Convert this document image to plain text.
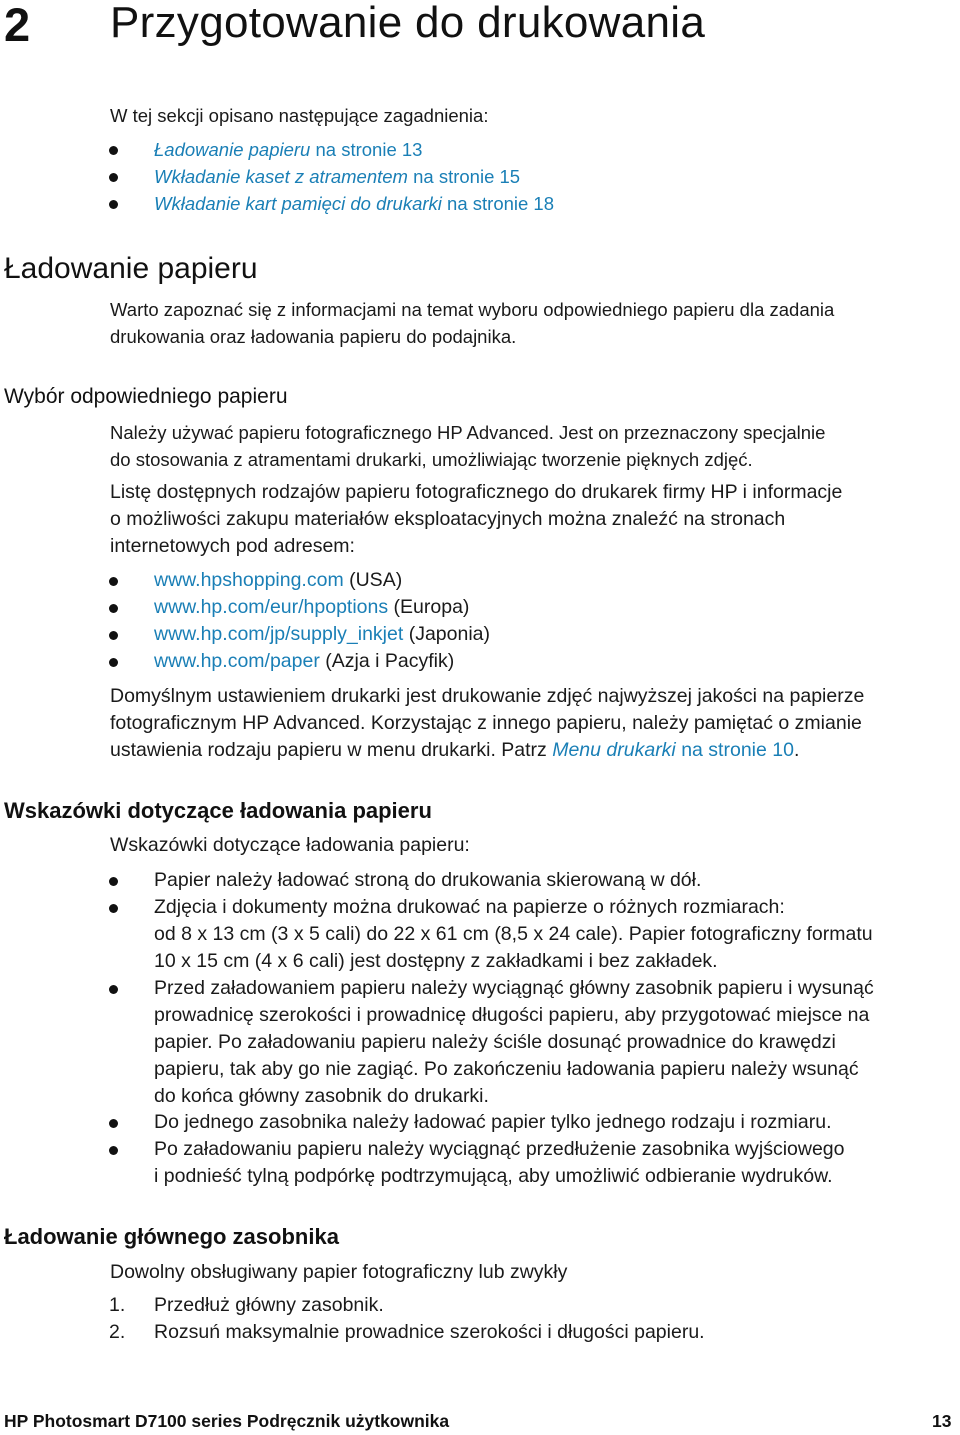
2 Przygotowanie do drukowania
W tej sekcji opisano następujące zagadnienia:
Ładowanie papieru na stronie 13
Wkładanie kaset z atramentem na stronie 15
Wkładanie kart pamięci do drukarki na stronie 18
Ładowanie papieru
Warto zapoznać się z informacjami na temat wyboru odpowiedniego papieru dla zadania
drukowania oraz ładowania papieru do podajnika.
Wybór odpowiedniego papieru
Należy używać papieru fotograficznego HP Advanced. Jest on przeznaczony specjalnie
do stosowania z atramentami drukarki, umożliwiając tworzenie pięknych zdjęć.
Listę dostępnych rodzajów papieru fotograficznego do drukarek firmy HP i informacje
o możliwości zakupu materiałów eksploatacyjnych można znaleźć na stronach
internetowych pod adresem:
www.hpshopping.com (USA)
www.hp.com/eur/hpoptions (Europa)
www.hp.com/jp/supply_inkjet (Japonia)
www.hp.com/paper (Azja i Pacyfik)
Domyślnym ustawieniem drukarki jest drukowanie zdjęć najwyższej jakości na papierze
fotograficznym HP Advanced. Korzystając z innego papieru, należy pamiętać o zmianie
ustawienia rodzaju papieru w menu drukarki. Patrz Menu drukarki na stronie 10.
Wskazówki dotyczące ładowania papieru
Wskazówki dotyczące ładowania papieru:
Papier należy ładować stroną do drukowania skierowaną w dół.
Zdjęcia i dokumenty można drukować na papierze o różnych rozmiarach:
od 8 x 13 cm (3 x 5 cali) do 22 x 61 cm (8,5 x 24 cale). Papier fotograficzny formatu
10 x 15 cm (4 x 6 cali) jest dostępny z zakładkami i bez zakładek.
Przed załadowaniem papieru należy wyciągnąć główny zasobnik papieru i wysunąć
prowadnicę szerokości i prowadnicę długości papieru, aby przygotować miejsce na
papier. Po załadowaniu papieru należy ściśle dosunąć prowadnice do krawędzi
papieru, tak aby go nie zagiąć. Po zakończeniu ładowania papieru należy wsunąć
do końca główny zasobnik do drukarki.
Do jednego zasobnika należy ładować papier tylko jednego rodzaju i rozmiaru.
Po załadowaniu papieru należy wyciągnąć przedłużenie zasobnika wyjściowego
i podnieść tylną podpórkę podtrzymującą, aby umożliwić odbieranie wydruków.
Ładowanie głównego zasobnika
Dowolny obsługiwany papier fotograficzny lub zwykły
1. Przedłuż główny zasobnik.
2. Rozsuń maksymalnie prowadnice szerokości i długości papieru.
HP Photosmart D7100 series Podręcznik użytkownika	13
